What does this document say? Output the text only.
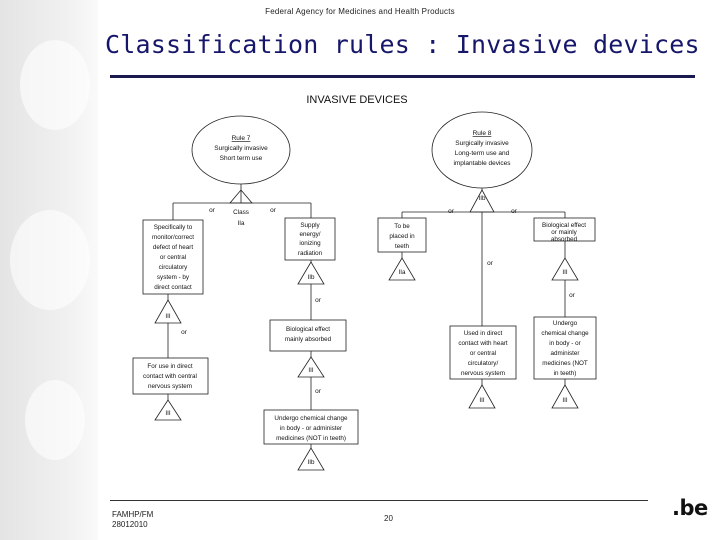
Federal Agency for Medicines and Health Products
Classification rules : Invasive devices
INVASIVE DEVICES
Rule 7
Surgically invasive
Short term use
Rule 8
Surgically invasive
Long-term use and
implantable devices
Class
IIa
Specifically to
monitor/correct
defect of heart
or central
circulatory
system - by
direct contact
Supply
energy/
ionizing
radiation
For use in direct
contact with central
nervous system
Biological effect
mainly absorbed
Undergo chemical change
in body - or administer
medicines (NOT in teeth)
III
IIb
III
III
IIb
IIb
To be
placed in
teeth
Biological effect
or mainly
absorbed
Used in direct
contact with heart
or central
circulatory/
nervous system
Undergo
chemical change
in body - or
administer
medicines (NOT
in teeth)
IIa	III
III	III
or	or
or
or
or
or	or
or
or
FAMHP/FM
28012010
20	.be
